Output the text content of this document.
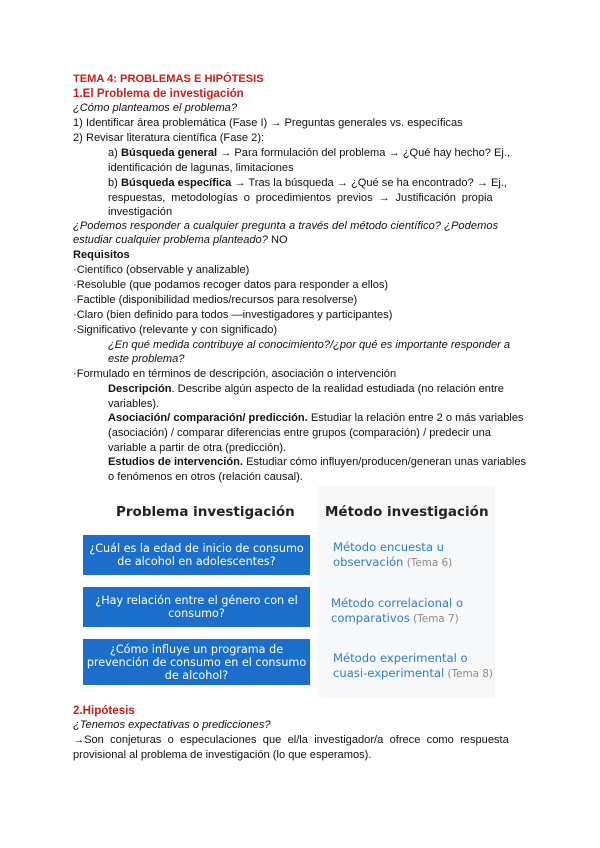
TEMA 4: PROBLEMAS E HIPÓTESIS
1.El Problema de investigación
¿Cómo planteamos el problema?
1) Identificar área problemática (Fase I) → Preguntas generales vs. específicas
2) Revisar literatura científica (Fase 2):
a) Búsqueda general → Para formulación del problema → ¿Qué hay hecho? Ej.,
identificación de lagunas, limitaciones
b) Búsqueda específica → Tras la búsqueda → ¿Qué se ha encontrado? → Ej.,
respuestas, metodologías o procedimientos previos → Justificación propia
investigación
¿Podemos responder a cualquier pregunta a través del método científico? ¿Podemos
estudiar cualquier problema planteado? NO
Requisitos
·Científico (observable y analizable)
·Resoluble (que podamos recoger datos para responder a ellos)
·Factible (disponibilidad medios/recursos para resolverse)
·Claro (bien definido para todos —investigadores y participantes)
·Significativo (relevante y con significado)
¿En qué medida contribuye al conocimiento?/¿por qué es importante responder a
este problema?
·Formulado en términos de descripción, asociación o intervención
Descripción. Describe algún aspecto de la realidad estudiada (no relación entre
variables).
Asociación/ comparación/ predicción. Estudiar la relación entre 2 o más variables
(asociación) / comparar diferencias entre grupos (comparación) / predecir una
variable a partir de otra (predicción).
Estudios de intervención. Estudiar cómo influyen/producen/generan unas variables
o fenómenos en otros (relación causal).
Problema investigación Método investigación
¿Cuál es la edad de inicio de consumo de alcohol en adolescentes?
¿Hay relación entre el género con el consumo?
¿Cómo influye un programa de prevención de consumo en el consumo de alcohol?
Método encuesta u
observación (Tema 6)
Método correlacional o
comparativos (Tema 7)
Método experimental o
cuasi-experimental (Tema 8)
2.Hipótesis
¿Tenemos expectativas o predicciones?
→Son conjeturas o especulaciones que el/la investigador/a ofrece como respuesta
provisional al problema de investigación (lo que esperamos).
